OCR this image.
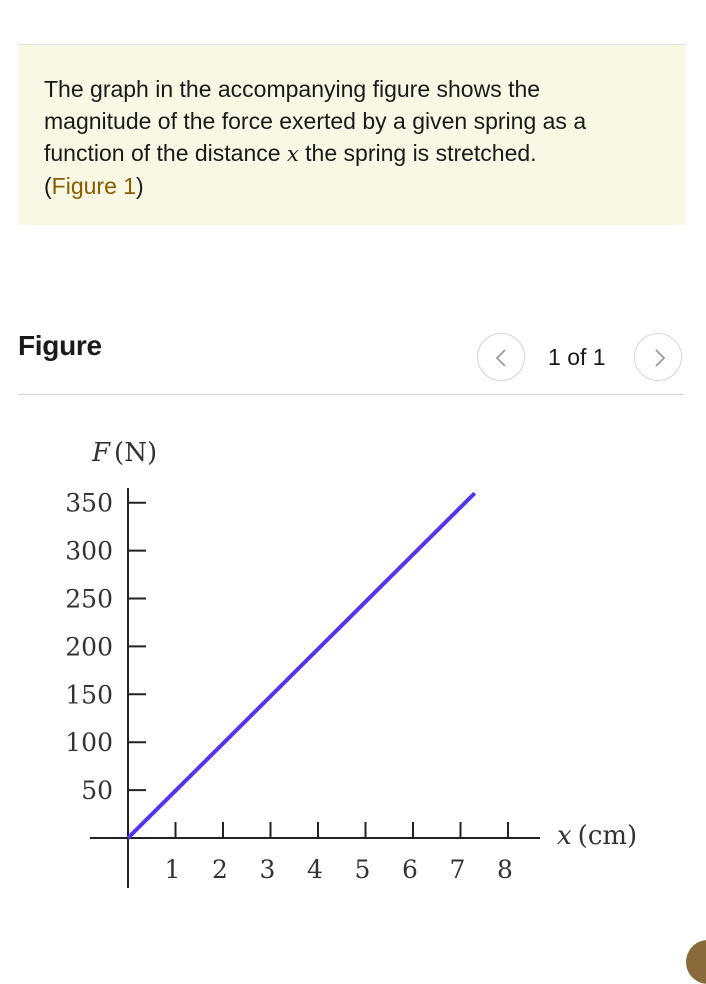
The graph in the accompanying figure shows the
magnitude of the force exerted by a given spring as a
function of the distance x the spring is stretched.
(Figure 1)
Figure	1 of 1
50
100
150
200
250
300
350
1 2 3 4 5 6 7 8
F (N)
x (cm)
